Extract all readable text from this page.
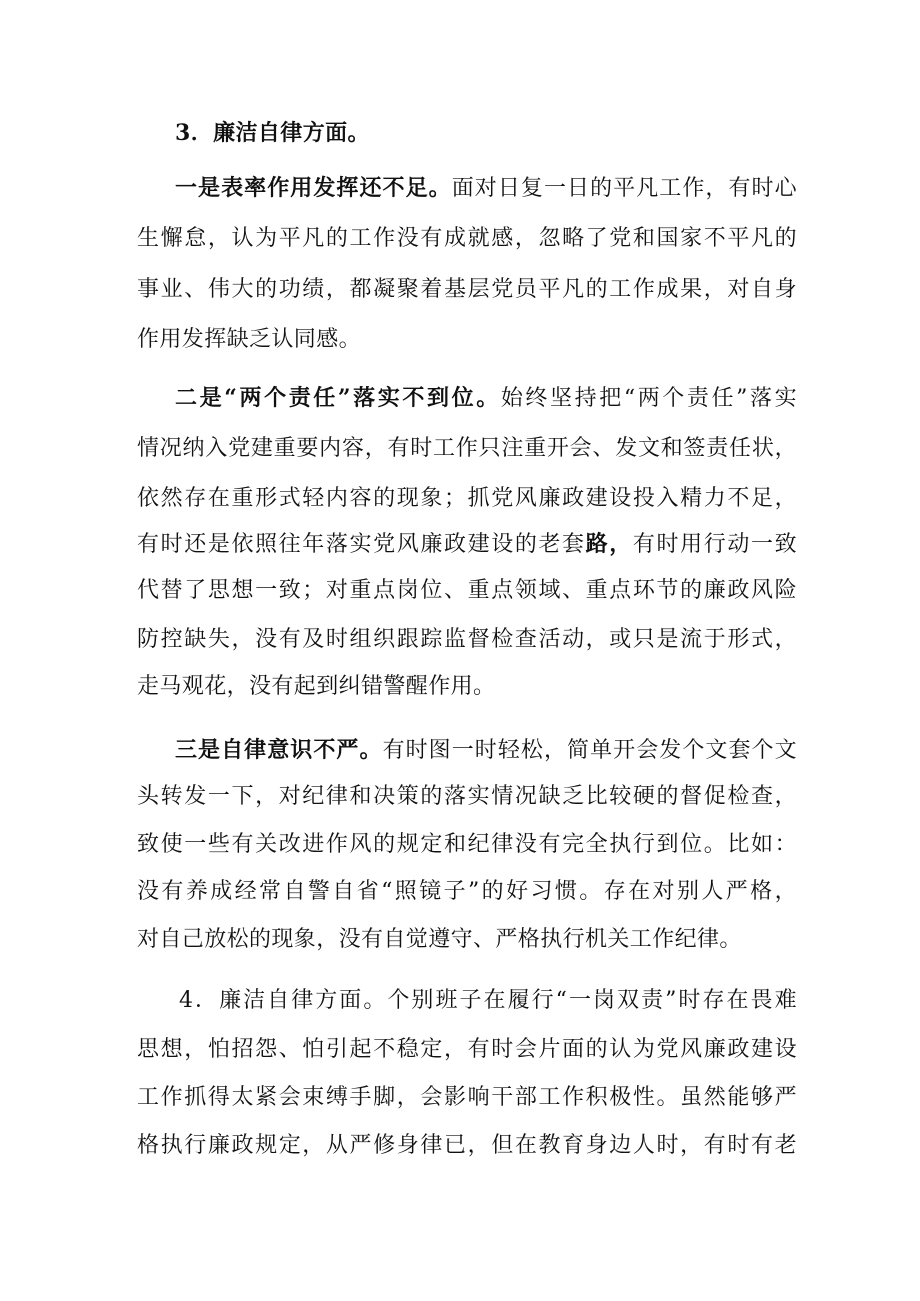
3．廉洁自律方面。
一是表率作用发挥还不足。面对日复一日的平凡工作，有时心
生懈怠，认为平凡的工作没有成就感，忽略了党和国家不平凡的
事业、伟大的功绩，都凝聚着基层党员平凡的工作成果，对自身
作用发挥缺乏认同感。
二是“两个责任”落实不到位。始终坚持把“两个责任”落实
情况纳入党建重要内容，有时工作只注重开会、发文和签责任状，
依然存在重形式轻内容的现象；抓党风廉政建设投入精力不足，
有时还是依照往年落实党风廉政建设的老套路，有时用行动一致
代替了思想一致；对重点岗位、重点领域、重点环节的廉政风险
防控缺失，没有及时组织跟踪监督检查活动，或只是流于形式，
走马观花，没有起到纠错警醒作用。
三是自律意识不严。有时图一时轻松，简单开会发个文套个文
头转发一下，对纪律和决策的落实情况缺乏比较硬的督促检查，
致使一些有关改进作风的规定和纪律没有完全执行到位。比如：
没有养成经常自警自省“照镜子”的好习惯。存在对别人严格，
对自己放松的现象，没有自觉遵守、严格执行机关工作纪律。
4．廉洁自律方面。个别班子在履行“一岗双责”时存在畏难
思想，怕招怨、怕引起不稳定，有时会片面的认为党风廉政建设
工作抓得太紧会束缚手脚，会影响干部工作积极性。虽然能够严
格执行廉政规定，从严修身律已，但在教育身边人时，有时有老
